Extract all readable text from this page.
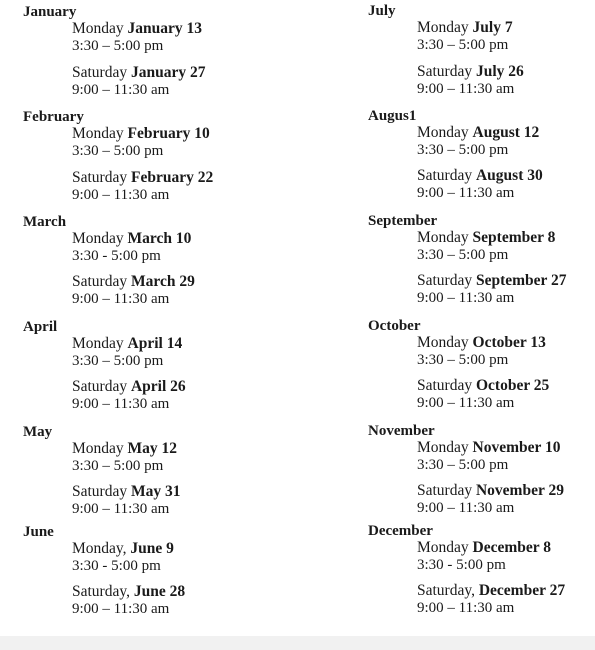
January
Monday January 13
3:30 – 5:00 pm
Saturday January 27
9:00 – 11:30 am
February
Monday February 10
3:30 – 5:00 pm
Saturday February 22
9:00 – 11:30 am
March
Monday March 10
3:30 - 5:00 pm
Saturday March 29
9:00 – 11:30 am
April
Monday April 14
3:30 – 5:00 pm
Saturday April 26
9:00 – 11:30 am
May
Monday May 12
3:30 – 5:00 pm
Saturday May 31
9:00 – 11:30 am
June
Monday, June 9
3:30 - 5:00 pm
Saturday, June 28
9:00 – 11:30 am
July
Monday July 7
3:30 – 5:00 pm
Saturday July 26
9:00 – 11:30 am
Augus1
Monday August 12
3:30 – 5:00 pm
Saturday August 30
9:00 – 11:30 am
September
Monday September 8
3:30 – 5:00 pm
Saturday September 27
9:00 – 11:30 am
October
Monday October 13
3:30 – 5:00 pm
Saturday October 25
9:00 – 11:30 am
November
Monday November 10
3:30 – 5:00 pm
Saturday November 29
9:00 – 11:30 am
December
Monday December 8
3:30 - 5:00 pm
Saturday, December 27
9:00 – 11:30 am
